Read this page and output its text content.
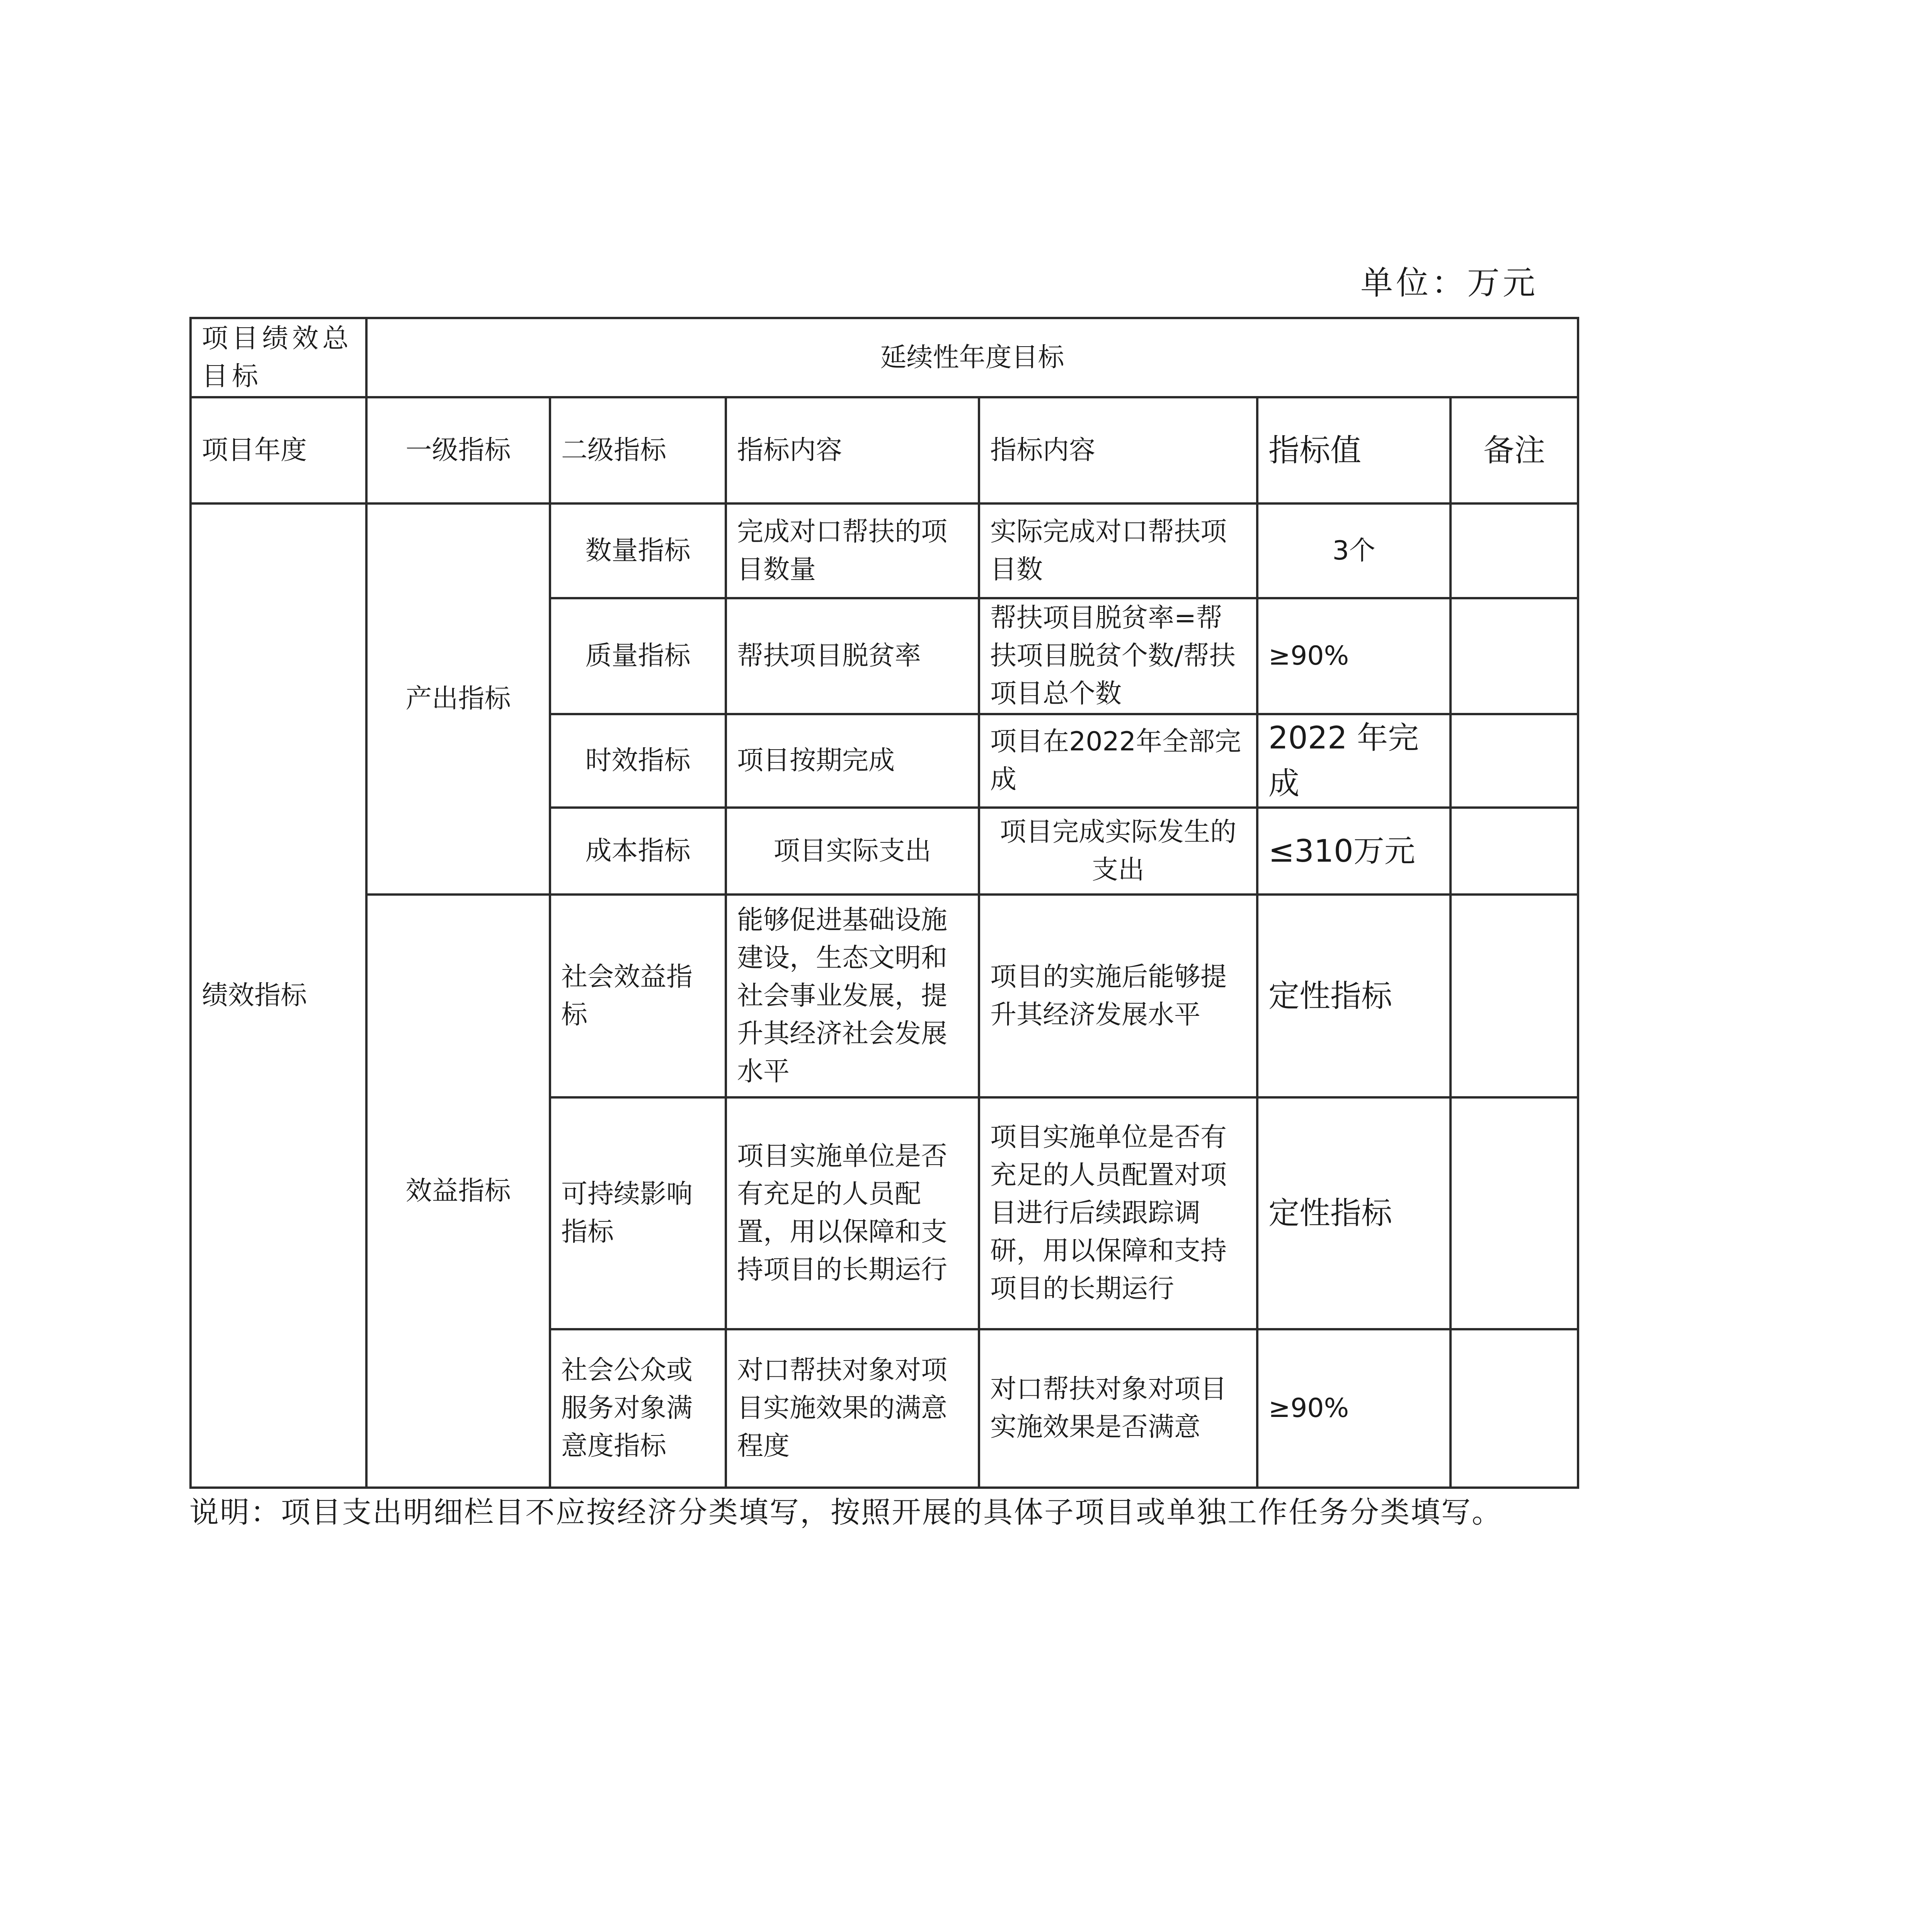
单位：万元
项目绩效总目标	延续性年度目标					
项目年度	一级指标	二级指标	指标内容	指标内容	指标值	备注
绩效指标	产出指标	数量指标	完成对口帮扶的项目数量	实际完成对口帮扶项目数	3个	
		质量指标	帮扶项目脱贫率	帮扶项目脱贫率=帮扶项目脱贫个数/帮扶项目总个数	≥90%	
		时效指标	项目按期完成	项目在2022年全部完成	2022 年完成	
		成本指标	项目实际支出	项目完成实际发生的支出	≤310万元	
	效益指标	社会效益指标	能够促进基础设施建设，生态文明和社会事业发展，提升其经济社会发展水平	项目的实施后能够提升其经济发展水平	定性指标	
		可持续影响指标	项目实施单位是否有充足的人员配置，用以保障和支持项目的长期运行	项目实施单位是否有充足的人员配置对项目进行后续跟踪调研，用以保障和支持项目的长期运行	定性指标	
		社会公众或服务对象满意度指标	对口帮扶对象对项目实施效果的满意程度	对口帮扶对象对项目实施效果是否满意	≥90%	
说明：项目支出明细栏目不应按经济分类填写，按照开展的具体子项目或单独工作任务分类填写。
